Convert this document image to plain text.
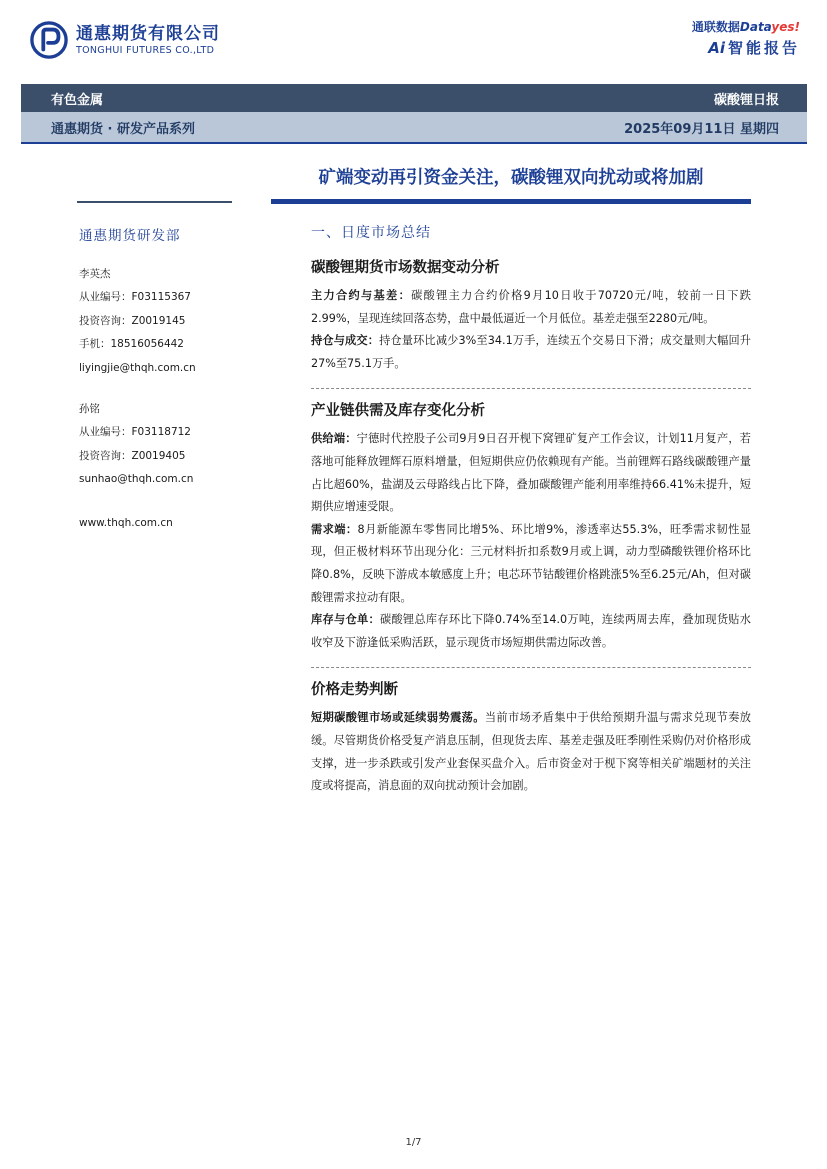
通惠期货有限公司
TONGHUI FUTURES CO.,LTD
通联数据Datayes!
Ai 智能报告
有色金属	碳酸锂日报
通惠期货 · 研发产品系列	2025年09月11日 星期四
矿端变动再引资金关注，碳酸锂双向扰动或将加剧
通惠期货研发部
李英杰
从业编号：F03115367
投资咨询：Z0019145
手机：18516056442
liyingjie@thqh.com.cn
孙铭
从业编号：F03118712
投资咨询：Z0019405
sunhao@thqh.com.cn
www.thqh.com.cn
一、日度市场总结
碳酸锂期货市场数据变动分析

主力合约与基差：碳酸锂主力合约价格9月10日收于70720元/吨，较前一日下跌2.99%，呈现连续回落态势，盘中最低逼近一个月低位。基差走强至2280元/吨。

持仓与成交：持仓量环比减少3%至34.1万手，连续五个交易日下滑；成交量则大幅回升27%至75.1万手。

产业链供需及库存变化分析

供给端：宁德时代控股子公司9月9日召开枧下窝锂矿复产工作会议，计划11月复产，若落地可能释放锂辉石原料增量，但短期供应仍依赖现有产能。当前锂辉石路线碳酸锂产量占比超60%，盐湖及云母路线占比下降，叠加碳酸锂产能利用率维持66.41%未提升，短期供应增速受限。

需求端：8月新能源车零售同比增5%、环比增9%，渗透率达55.3%，旺季需求韧性显现，但正极材料环节出现分化：三元材料折扣系数9月或上调，动力型磷酸铁锂价格环比降0.8%，反映下游成本敏感度上升；电芯环节钴酸锂价格跳涨5%至6.25元/Ah，但对碳酸锂需求拉动有限。

库存与仓单：碳酸锂总库存环比下降0.74%至14.0万吨，连续两周去库，叠加现货贴水收窄及下游逢低采购活跃，显示现货市场短期供需边际改善。

价格走势判断

短期碳酸锂市场或延续弱势震荡。当前市场矛盾集中于供给预期升温与需求兑现节奏放缓。尽管期货价格受复产消息压制，但现货去库、基差走强及旺季刚性采购仍对价格形成支撑，进一步杀跌或引发产业套保买盘介入。后市资金对于枧下窝等相关矿端题材的关注度或将提高，消息面的双向扰动预计会加剧。

1/7
